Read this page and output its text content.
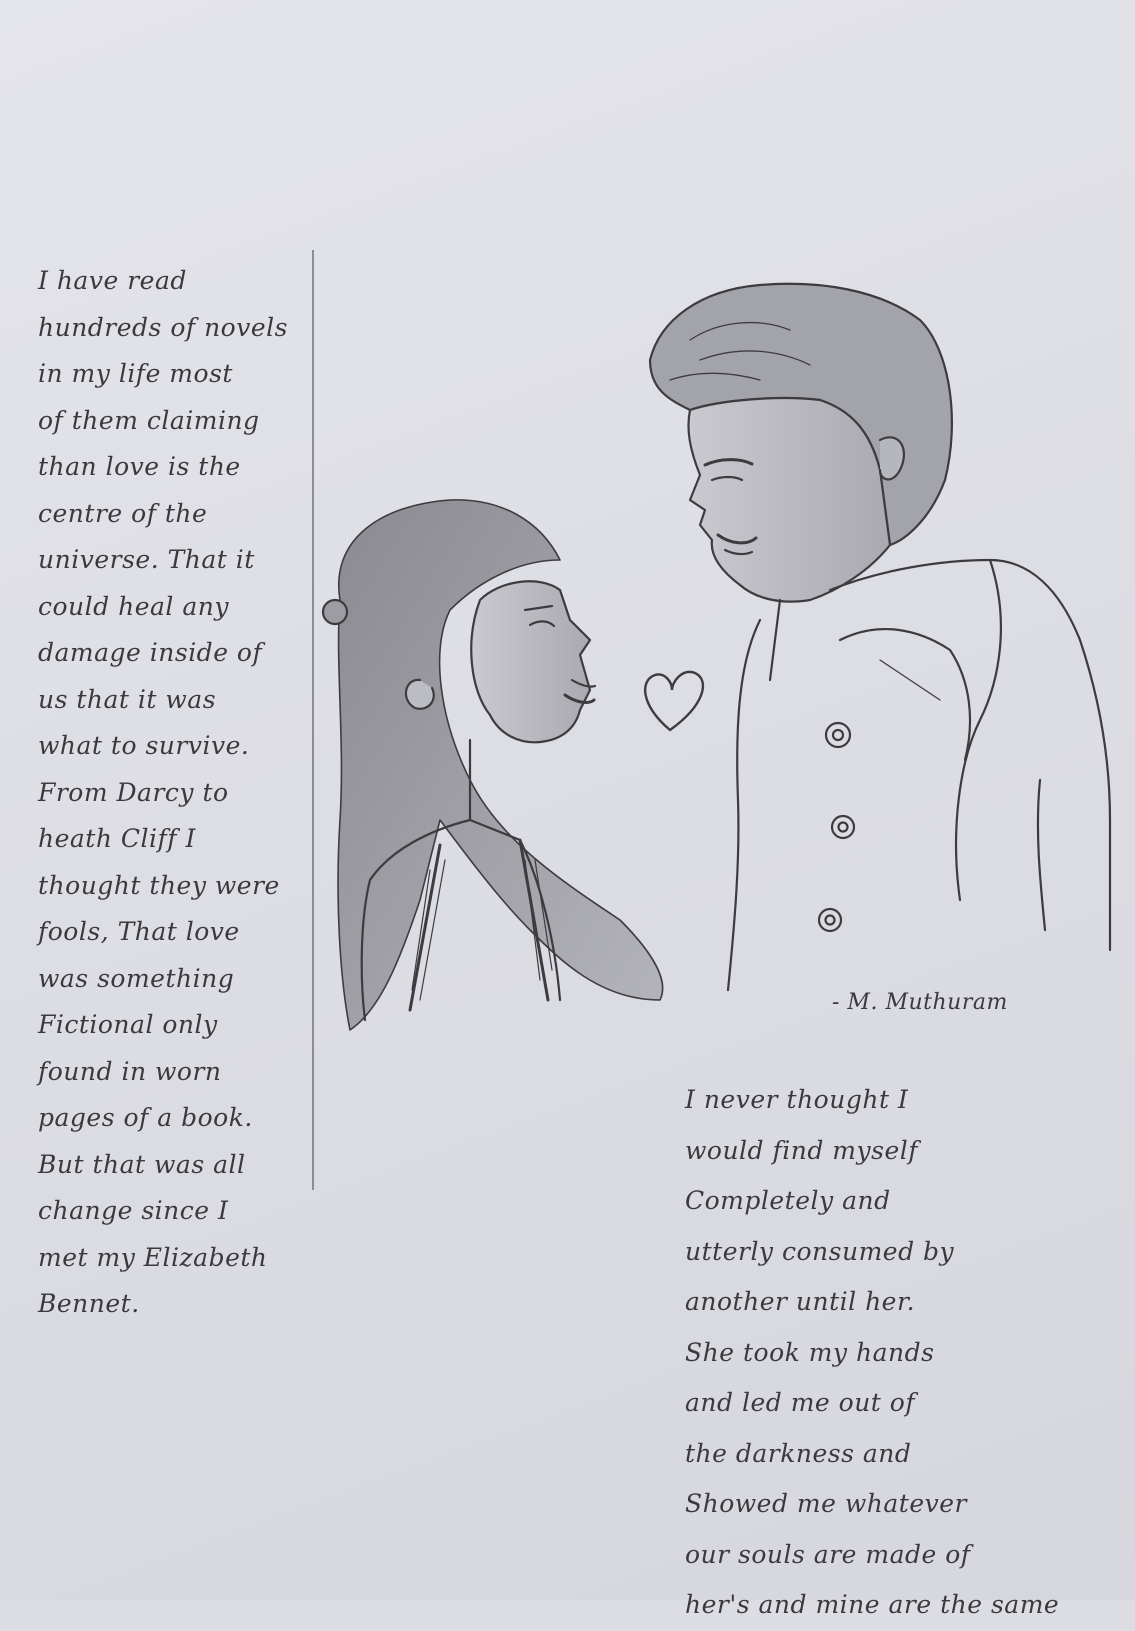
I have read
hundreds of novels
in my life most
of them claiming
than love is the
centre of the
universe. That it
could heal any
damage inside of
us that it was
what to survive.
From Darcy to
heath Cliff I
thought they were
fools, That love
was something
Fictional only
found in worn
pages of a book.
But that was all
change since I
met my Elizabeth
Bennet.
- M. Muthuram
I never thought I
would find myself
Completely and
utterly consumed by
another until her.
She took my hands
and led me out of
the darkness and
Showed me whatever
our souls are made of
her's and mine are the same
